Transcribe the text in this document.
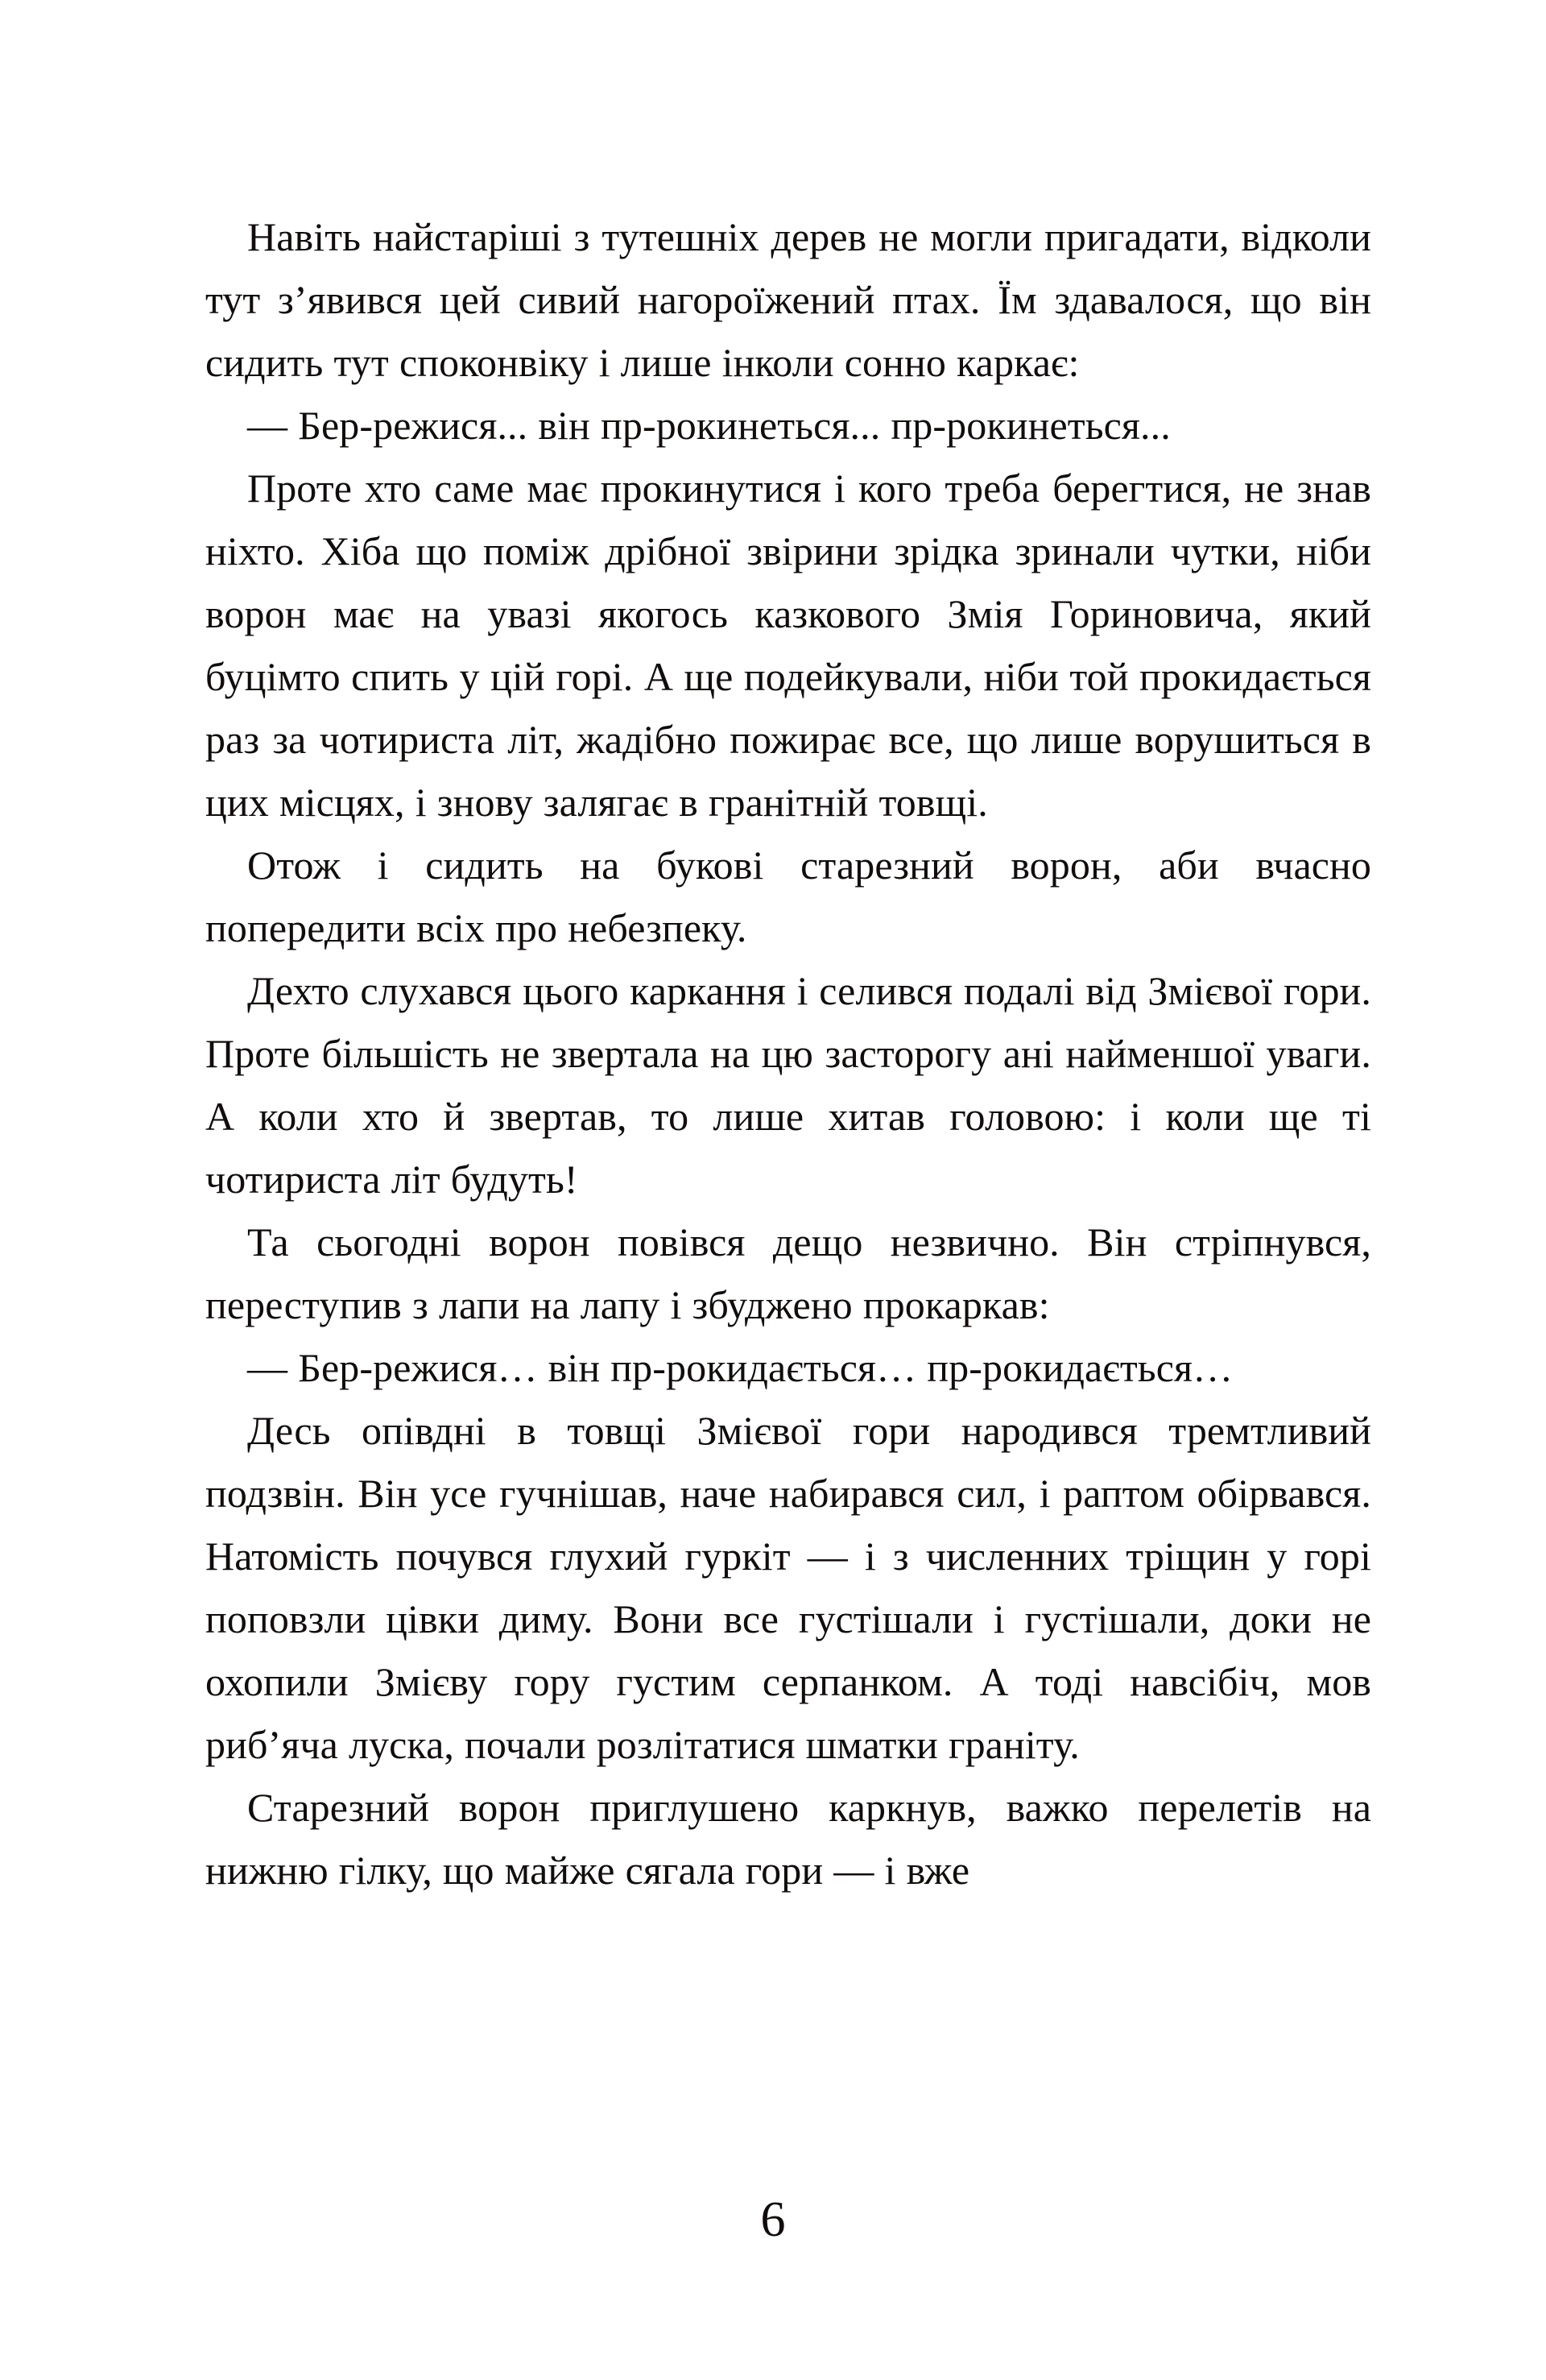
Навіть найстаріші з тутешніх дерев не могли пригадати, відколи тут з’явився цей сивий нагороїжений птах. Їм здавалося, що він сидить тут споконвіку і лише інколи сонно каркає:

— Бер-режися... він пр-рокинеться... пр-рокинеться...

Проте хто саме має прокинутися і кого треба берегтися, не знав ніхто. Хіба що поміж дрібної звірини зрідка зринали чутки, ніби ворон має на увазі якогось казкового Змія Гориновича, який буцімто спить у цій горі. А ще подейкували, ніби той прокидається раз за чотириста літ, жадібно пожирає все, що лише ворушиться в цих місцях, і знову залягає в гранітній товщі.

Отож і сидить на букові старезний ворон, аби вчасно попередити всіх про небезпеку.

Дехто слухався цього каркання і селився подалі від Змієвої гори. Проте більшість не звертала на цю засторогу ані найменшої уваги. А коли хто й звертав, то лише хитав головою: і коли ще ті чотириста літ будуть!

Та сьогодні ворон повівся дещо незвично. Він стріпнувся, переступив з лапи на лапу і збуджено прокаркав:

— Бер-режися… він пр-рокидається… пр-рокидається…

Десь опівдні в товщі Змієвої гори народився тремтливий подзвін. Він усе гучнішав, наче набирався сил, і раптом обірвався. Натомість почувся глухий гуркіт — і з численних тріщин у горі поповзли цівки диму. Вони все густішали і густішали, доки не охопили Змієву гору густим серпанком. А тоді навсібіч, мов риб’яча луска, почали розлітатися шматки граніту.

Старезний ворон приглушено каркнув, важко перелетів на нижню гілку, що майже сягала гори — і вже

6
